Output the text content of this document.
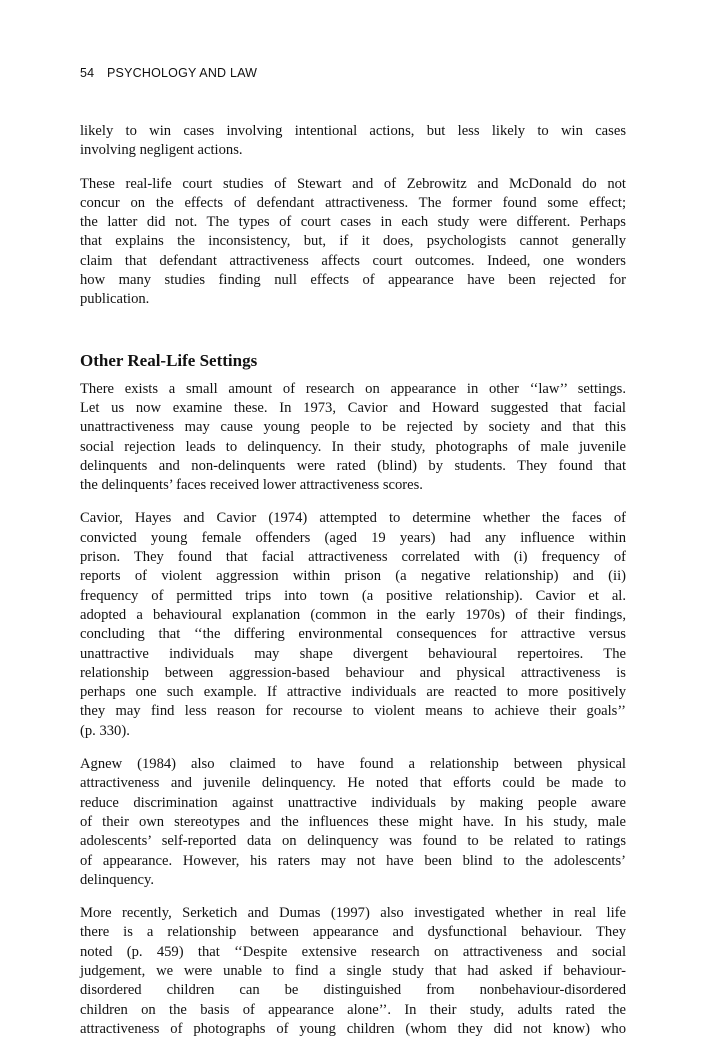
54 PSYCHOLOGY AND LAW
likely to win cases involving intentional actions, but less likely to win cases
involving negligent actions.
These real-life court studies of Stewart and of Zebrowitz and McDonald do not
concur on the effects of defendant attractiveness. The former found some effect;
the latter did not. The types of court cases in each study were different. Perhaps
that explains the inconsistency, but, if it does, psychologists cannot generally
claim that defendant attractiveness affects court outcomes. Indeed, one wonders
how many studies finding null effects of appearance have been rejected for
publication.
Other Real-Life Settings
There exists a small amount of research on appearance in other ‘‘law’’ settings.
Let us now examine these. In 1973, Cavior and Howard suggested that facial
unattractiveness may cause young people to be rejected by society and that this
social rejection leads to delinquency. In their study, photographs of male juvenile
delinquents and non-delinquents were rated (blind) by students. They found that
the delinquents’ faces received lower attractiveness scores.
Cavior, Hayes and Cavior (1974) attempted to determine whether the faces of
convicted young female offenders (aged 19 years) had any influence within
prison. They found that facial attractiveness correlated with (i) frequency of
reports of violent aggression within prison (a negative relationship) and (ii)
frequency of permitted trips into town (a positive relationship). Cavior et al.
adopted a behavioural explanation (common in the early 1970s) of their findings,
concluding that ‘‘the differing environmental consequences for attractive versus
unattractive individuals may shape divergent behavioural repertoires. The
relationship between aggression-based behaviour and physical attractiveness is
perhaps one such example. If attractive individuals are reacted to more positively
they may find less reason for recourse to violent means to achieve their goals’’
(p. 330).
Agnew (1984) also claimed to have found a relationship between physical
attractiveness and juvenile delinquency. He noted that efforts could be made to
reduce discrimination against unattractive individuals by making people aware
of their own stereotypes and the influences these might have. In his study, male
adolescents’ self-reported data on delinquency was found to be related to ratings
of appearance. However, his raters may not have been blind to the adolescents’
delinquency.
More recently, Serketich and Dumas (1997) also investigated whether in real life
there is a relationship between appearance and dysfunctional behaviour. They
noted (p. 459) that ‘‘Despite extensive research on attractiveness and social
judgement, we were unable to find a single study that had asked if behaviour-
disordered children can be distinguished from nonbehaviour-disordered
children on the basis of appearance alone’’. In their study, adults rated the
attractiveness of photographs of young children (whom they did not know) who
